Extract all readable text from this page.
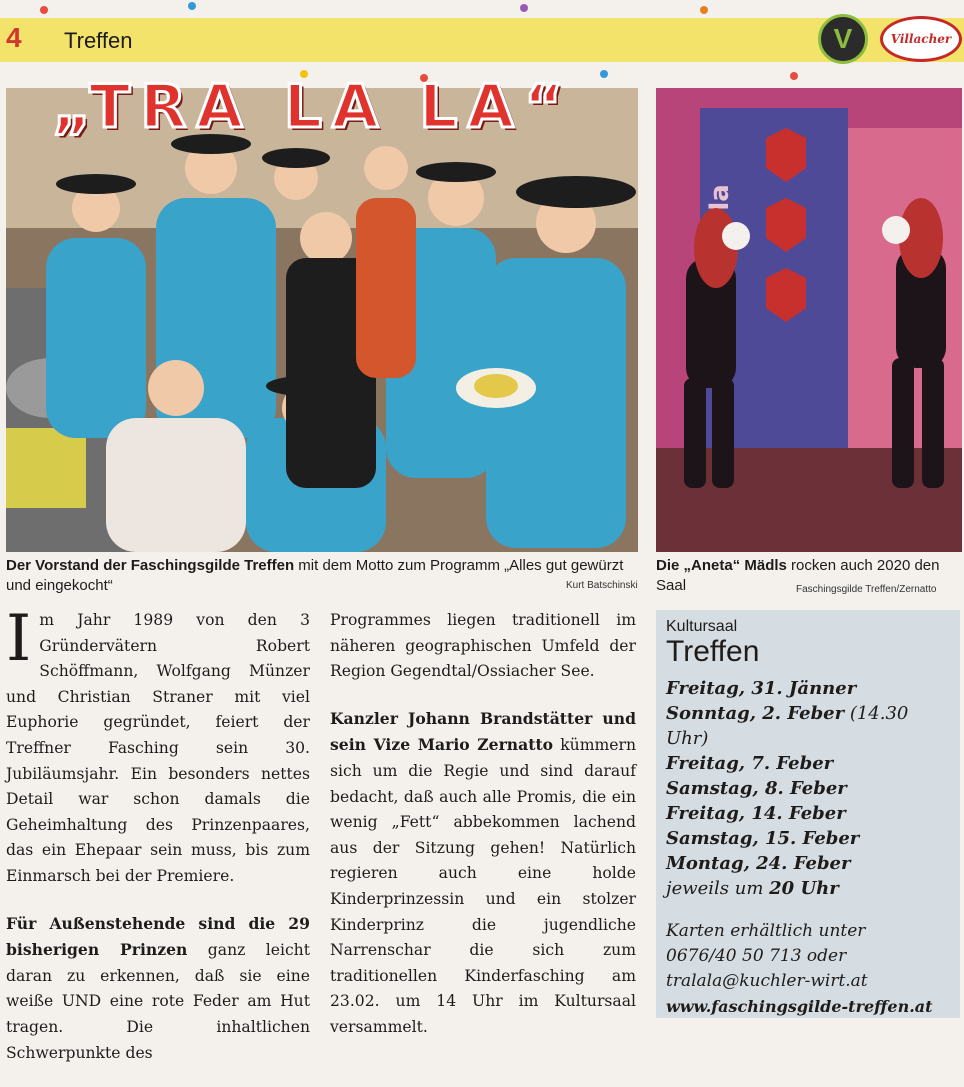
4 Treffen	V	Villacher
„TRA LA LA“
Der Vorstand der Faschingsgilde Treffen mit dem Motto zum Programm „Alles gut gewürzt und eingekocht“	Kurt Batschinski
Die „Aneta“ Mädls rocken auch 2020 den Saal	Faschingsgilde Treffen/Zernatto

Im Jahr 1989 von den 3 Gründervätern Robert Schöffmann, Wolfgang Münzer und Christian Straner mit viel Euphorie gegründet, feiert der Treffner Fasching sein 30. Jubiläumsjahr. Ein besonders nettes Detail war schon damals die Geheimhaltung des Prinzenpaares, das ein Ehepaar sein muss, bis zum Einmarsch bei der Premiere.

Für Außenstehende sind die 29 bisherigen Prinzen ganz leicht daran zu erkennen, daß sie eine weiße UND eine rote Feder am Hut tragen. Die inhaltlichen Schwerpunkte des

Programmes liegen traditionell im näheren geographischen Umfeld der Region Gegendtal/Ossiacher See.

Kanzler Johann Brandstätter und sein Vize Mario Zernatto kümmern sich um die Regie und sind darauf bedacht, daß auch alle Promis, die ein wenig „Fett“ abbekommen lachend aus der Sitzung gehen! Natürlich regieren auch eine holde Kinderprinzessin und ein stolzer Kinderprinz die jugendliche Narrenschar die sich zum traditionellen Kinderfasching am 23.02. um 14 Uhr im Kultursaal versammelt.

Kultursaal
Treffen
Freitag, 31. Jänner
Sonntag, 2. Feber (14.30 Uhr)
Freitag, 7. Feber
Samstag, 8. Feber
Freitag, 14. Feber
Samstag, 15. Feber
Montag, 24. Feber
jeweils um 20 Uhr
Karten erhältlich unter
0676/40 50 713 oder
tralala@kuchler-wirt.at
www.faschingsgilde-treffen.at
